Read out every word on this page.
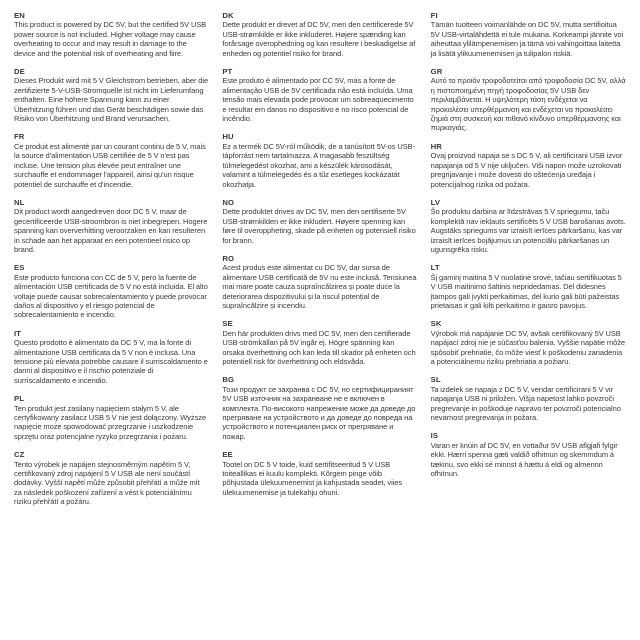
EN

This product is powered by DC 5V, but the certified 5V USB power source is not included. Higher voltage may cause overheating to occur and may result in damage to the device and the potential risk of overheating and fiire.

DE

Dieses Produkt wird mit 5 V Gleichstrom betrieben, aber die zertifizierte 5-V-USB-Stromquelle ist nicht im Lieferumfang enthalten. Eine höhere Spannung kann zu einer Überhitzung führen und das Gerät beschädigen sowie das Risiko von Überhitzung und Brand verursachen.

FR

Ce produit est alimenté par un courant continu de 5 V, mais la source d'alimentation USB certifiée de 5 V n'est pas incluse. Une tension plus élevée peut entraîner une surchauffe et endommager l'appareil, ainsi qu'un risque potentiel de surchauffe et d'incendie.

NL

Dit product wordt aangedreven door DC 5 V, maar de gecertificeerde USB-stroombron is niet inbegrepen. Hogere spanning kan oververhitting veroorzaken en kan resulteren in schade aan het apparaat en een potentieel risico op brand.

ES

Este producto funciona con CC de 5 V, pero la fuente de alimentación USB certificada de 5 V no está incluida. El alto voltaje puede causar sobrecalentamiento y puede provocar daños al dispositivo y el riesgo potencial de sobrecalentamiento e incendio.

IT

Questo prodotto è alimentato da DC 5 V, ma la fonte di alimentazione USB certificata da 5 V non è inclusa. Una tensione più elevata potrebbe causare il surriscaldamento e danni al dispositivo e il rischio potenziale di surriscaldamento e incendio.

PL

Ten produkt jest zasilany napięciem stałym 5 V, ale certyfikowany zasilacz USB 5 V nie jest dołączony. Wyższe napięcie może spowodować przegrzanie i uszkodzenie sprzętu oraz potencjalne ryzyko przegrzania i pożaru.

CZ

Tento výrobek je napájen stejnosměrným napětím 5 V, certifikovaný zdroj napájení 5 V USB ale není součástí dodávky. Vyšší napětí může způsobit přehřátí a může mít za následek poškození zařízení a vést k potenciálnímu riziku přehřátí a požáru.

DK

Dette produkt er drevet af DC 5V, men den certificerede 5V USB-strømkilde er ikke inkluderet. Højere spænding kan forårsage overophedning og kan resultere i beskadigelse af enheden og potentiel risiko for brand.

PT

Este produto é alimentado por CC 5V, mas a fonte de alimentação USB de 5V certificada não está incluída. Uma tensão mais elevada pode provocar um sobreaquecimento e resultar em danos no dispositivo e no risco potencial de incêndio.

HU

Ez a termék DC 5V-ról működik, de a tanúsított 5V-os USB-tápforrást nem tartalmazza. A magasabb feszültség túlmelegedést okozhat, ami a készülék károsodását, valamint a túlmelegedés és a tűz esetleges kockázatát okozhatja.

NO

Dette produktet drives av DC 5V, men den sertifiserte 5V USB-strømkilden er ikke inkludert. Høyere spenning kan føre til overoppheting, skade på enheten og potensiell risiko for brann.

RO

Acest produs este alimentat cu DC 5V, dar sursa de alimentare USB certificată de 5V nu este inclusă. Tensiunea mai mare poate cauza supraîncălzirea și poate duce la deteriorarea dispozitivului și la riscul potențial de supraîncălzire și incendiu.

SE

Den här produkten drivs med DC 5V, men den certifierade USB-strömkällan på 5V ingår ej. Högre spänning kan orsaka överhettning och kan leda till skador på enheten och potentiell risk för överhettning och eldsvåda.

BG

Този продукт се захранва с DC 5V, но сертифицираният 5V USB източник на захранване не е включен в комплекта. По-високото напрежение може да доведе до прегряване на устройството и да доведе до повреда на устройството и потенциален риск от прегряване и пожар.

EE

Tootel on DC 5 V toide, kuid sertifitseeritud 5 V USB toiteallikas ei kuulu komplekti. Kõrgem pinge võib põhjustada ülekuumenemist ja kahjustada seadet, viies ülekuumenemise ja tulekahju ohuni.

FI

Tämän tuotteen voimanlähde on DC 5V, mutta sertifioitua 5V USB-virtalähdettä ei tule mukana. Korkeampi jännite voi aiheuttaa ylilämpenemisen ja tämä voi vahingoittaa laitetta ja lisätä ylikuumenemisen ja tulipalon riskiä.

GR

Αυτό το προϊόν τροφοδοτείται από τροφοδοσία DC 5V, αλλά η πιστοποιημένη πηγή τροφοδοσίας 5V USB δεν περιλαμβάνεται. Η υψηλότερη τάση ενδέχεται να προκαλέσει υπερθέρμανση και ενδέχεται να προκαλέσει ζημιά στη συσκευή και πιθανό κίνδυνο υπερθέρμανσης και πυρκαγιάς.

HR

Ovaj proizvod napaja se s DC 5 V, ali certificirani USB izvor napajanja od 5 V nije uključen. Viši napon može uzrokovati pregrijavanje i može dovesti do oštećenja uređaja i potencijalnog rizika od požara.

LV

Šo produktu darbina ar līdzstrāvas 5 V spriegumu, taču komplektā nav iekļauts sertificēts 5 V USB barošanas avots. Augstāks spriegums var izraisīt ierīces pārkaršanu, kas var izraisīt ierīces bojājumus un potenciālu pārkaršanas un ugunsgrēka risku.

LT

Šį gaminį maitina 5 V nuolatinė srovė, tačiau sertifikuotas 5 V USB maitinimo šaltinis nepridedamas. Dėl didesnės įtampos gali įvykti perkaitimas, dėl kurio gali būti pažeistas prietaisas ir gali kilti perkaitimo ir gaisro pavojus.

SK

Výrobok má napájanie DC 5V, avšak certifikovaný 5V USB napájací zdroj nie je súčasťou balenia. Vyššie napätie môže spôsobiť prehriatie, čo môže viesť k poškodeniu zariadenia a potenciálnemu riziku prehriatia a požiaru.

SL

Ta izdelek se napaja z DC 5 V, vendar certificirani 5 V vir napajanja USB ni priložen. Višja napetost lahko povzroči pregrevanje in poškoduje napravo ter povzroči potencialno nevarnost pregrevanja in požara.

IS

Varan er knúin af DC 5V, en vottaður 5V USB aflgjafi fylgir ekki. Hærri spenna gæti valdið ofhitnun og skemmdum á tækinu, svo ekki sé minnst á hættu á eldi og almennri ofhitnun.
